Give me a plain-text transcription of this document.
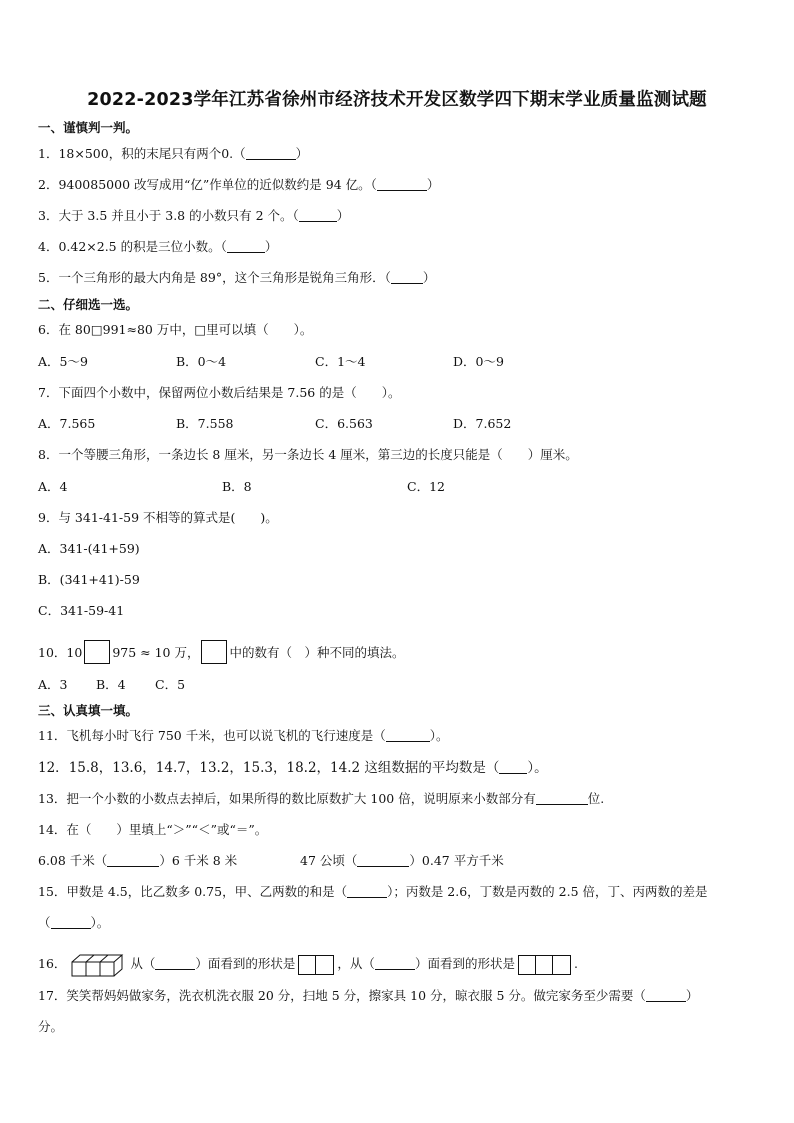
2022-2023学年江苏省徐州市经济技术开发区数学四下期末学业质量监测试题
一、谨慎判一判。
1．18×500，积的末尾只有两个0.（	）
2．940085000 改写成用“亿”作单位的近似数约是 94 亿。（	）
3．大于 3.5 并且小于 3.8 的小数只有 2 个。（	）
4．0.42×2.5 的积是三位小数。（	）
5．一个三角形的最大内角是 89°，这个三角形是锐角三角形．（	）
二、仔细选一选。
6．在 80□991≈80 万中，□里可以填（　　）。
A．5～9	B．0～4	C．1～4	D．0～9
7．下面四个小数中，保留两位小数后结果是 7.56 的是（　　）。
A．7.565	B．7.558	C．6.563	D．7.652
8．一个等腰三角形，一条边长 8 厘米，另一条边长 4 厘米，第三边的长度只能是（　　）厘米。
A．4	B．8	C．12
9．与 341-41-59 不相等的算式是(　　)。
A．341-(41+59)
B．(341+41)-59
C．341-59-41
10．10 975 ≈ 10 万， 中的数有（　）种不同的填法。
A．3 B．4 C．5
三、认真填一填。
11．飞机每小时飞行 750 千米，也可以说飞机的飞行速度是（	）。
12．15.8，13.6，14.7，13.2，15.3，18.2，14.2 这组数据的平均数是（ ）。
13．把一个小数的小数点去掉后，如果所得的数比原数扩大 100 倍，说明原来小数部分有	位.
14．在（　　）里填上“＞”“＜”或“＝”。
6.08 千米（	）6 千米 8 米	47 公顷（	）0.47 平方千米
15．甲数是 4.5，比乙数多 0.75，甲、乙两数的和是（	）；丙数是 2.6，丁数是丙数的 2.5 倍，丁、丙两数的差是
（	）。
16．	从（	）面看到的形状是	，从（	）面看到的形状是	.
17．笑笑帮妈妈做家务，洗衣机洗衣服 20 分，扫地 5 分，擦家具 10 分，晾衣服 5 分。做完家务至少需要（	）
分。
